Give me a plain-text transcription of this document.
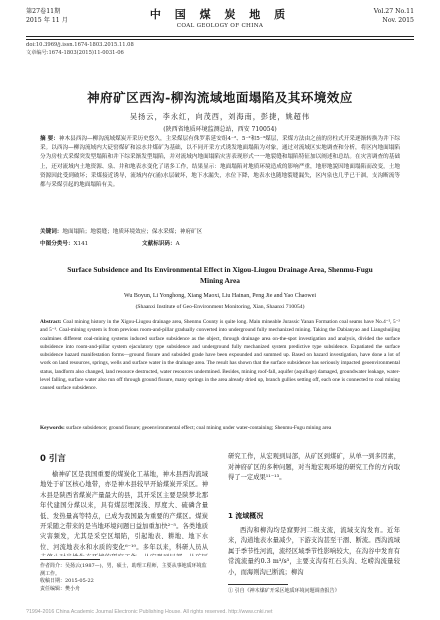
第27卷11期
2015 年 11 月	中 国 煤 炭 地 质
COAL GEOLOGY OF CHINA
Vol.27 No.11
Nov. 2015
doi:10.3969/j.issn.1674-1803.2015.11.08
文章编号:1674-1803(2015)11-0031-06
神府矿区西沟-柳沟流域地面塌陷及其环境效应
吴扬云，李永红，向茂西，刘海南，彭捷，姚超伟
(陕西省地质环境监测总站，西安 710054)
摘 要：神木县西沟—柳沟流域煤炭开采历史悠久，主采煤层有侏罗系延安组4⁻²、5⁻²和5⁻³煤层，采煤方法由之前的房柱式开采逐渐转换为井下综采。以西沟—柳沟流域内大砭窑煤矿和凉水井煤矿为基础，以不同开采方式诱发地面塌陷为对象，通过对流域区实地调查和分析，将区内地面塌陷分为房柱式采煤突发型塌陷和井下综采渐发型塌陷，并对流域内地面塌陷灾害表现形式一一地裂缝和塌陷特征加以阐述和总结。在灾害调查的基础上，还对流域内土地资源、泉、井和地表水变化了诸多工作，结果显示：地面塌陷对地质环境造成的影响严重，地形地貌因地面塌陷而改变，土地资源因此受到破坏；采煤接近诱导，流域内存(涌)水层破坏，地下水漏失，水位下降，地表水也随地裂缝漏失，区内泉也几乎已干涸，支沟断流等都与采煤引起的地面塌陷有关。
关键词：地面塌陷；地裂缝；地质环境效应；保水采煤；神府矿区
中图分类号：X141	文献标识码：A
Surface Subsidence and Its Environmental Effect in Xigou-Liugou Drainage Area, Shenmu-Fugu Mining Area
Wu Boyun, Li Yonghong, Xiang Maoxi, Liu Hainan, Peng Jie and Yao Chaowei
(Shaanxi Institute of Geo-Environment Monitoring, Xian, Shaanxi 710054)
Abstract: Coal mining history in the Xigou-Liugou drainage area, Shenmu County is quite long. Main mineable Jurassic Yanan Formation coal seams have No.4⁻², 5⁻² and 5⁻³. Coal-mining system is from previous room-and-pillar gradually converted into underground fully mechanized mining. Taking the Dabianyao and Liangshuijing coalmines different coal-mining systems induced surface subsidence as the object, through drainage area on-the-spot investigation and analysis, divided the surface subsidence into room-and-pillar system ejaculatory type subsidence and underground fully mechanized system predictive type subsidence. Expatiated the surface subsidence hazard manifestation forms—ground fissure and subsided grade have been expounded and summed up. Based on hazard investigation, have done a lot of work on land resources, springs, wells and surface water in the drainage area. The result has shown that the surface subsidence has seriously impacted geoenvironmental status, landform also changed, land resource destructed, water resources undermined. Besides, mining roof-fall, aquifer (aquifuge) damaged, groundwater leakage, water-level falling, surface water also run off through ground fissure, many springs in the area already dried up, branch gullies setting off, each one is connected to coal mining caused surface subsidence.
Keywords: surface subsidence; ground fissure; geoenvironmental effect; coal mining under water-containing; Shenmu-Fugu mining area
0 引言
榆神矿区是我国重要的煤炭化工基地，神木县西沟流域地处于矿区核心地带，亦是神木县较早开始煤炭开采区。神木县是陕西省煤炭产量最大的县，其开采区主要是陕梦北那年代建国分煤以来，具有煤层埋深浅、厚度大、硫磷含量低、发热量高等特点，已成为我国最为重要的产煤区。煤炭开采随之带来的是当地环境问题日益加重加快²⁻⁵。各类地质灾害频发，尤其是采空区塌陷，引起地表、耕地、地下水位、河流地表水和水质的变化⁶⁻¹⁰。多年以来，科研人员从
作者简介：吴扬云(1987—)，男，硕士，助理工程师，主要从事地质环境监测工作。
收稿日期：2015-05-22
责任编辑：樊小舟
研究工作，从宏观到局部，从矿区到煤矿，从单一到多因素，对神府矿区的多种问题，对当地宏观环境的研究工作的方向取得了一定成果¹¹⁻¹³。
1 流域概况
西沟和柳沟均是窟野河二级支流，流域支沟发育。近年来，沟道地表水量减少，下游支沟甚至干涸、断流。西沟流域属于季节性河流，流经区域季节性影响较大，在沟谷中发育有常流流量约0.3 m³/s³，主要支沟有红石头沟、圪崂沟流量较小，而海则沟已断流；柳沟
① 引自《神木煤矿开采区地质环境问题调查报告》
?1994-2016 China Academic Journal Electronic Publishing House. All rights reserved. http://www.cnki.net
